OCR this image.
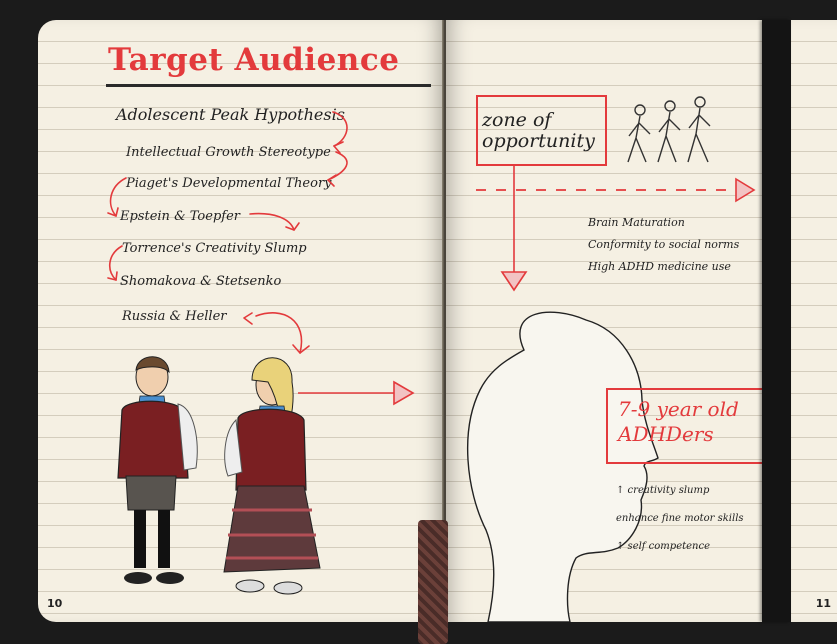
Target Audience

Adolescent Peak Hypothesis

Intellectual Growth Stereotype

Piaget's Developmental Theory

Epstein & Toepfer

Torrence's Creativity Slump

Shomakova & Stetsenko

Russia & Heller

10

zone of opportunity

Brain Maturation
Conformity to social norms
High ADHD medicine use

7-9 year old ADHDers

↑ creativity slump
enhance fine motor skills
↑ self competence

11
